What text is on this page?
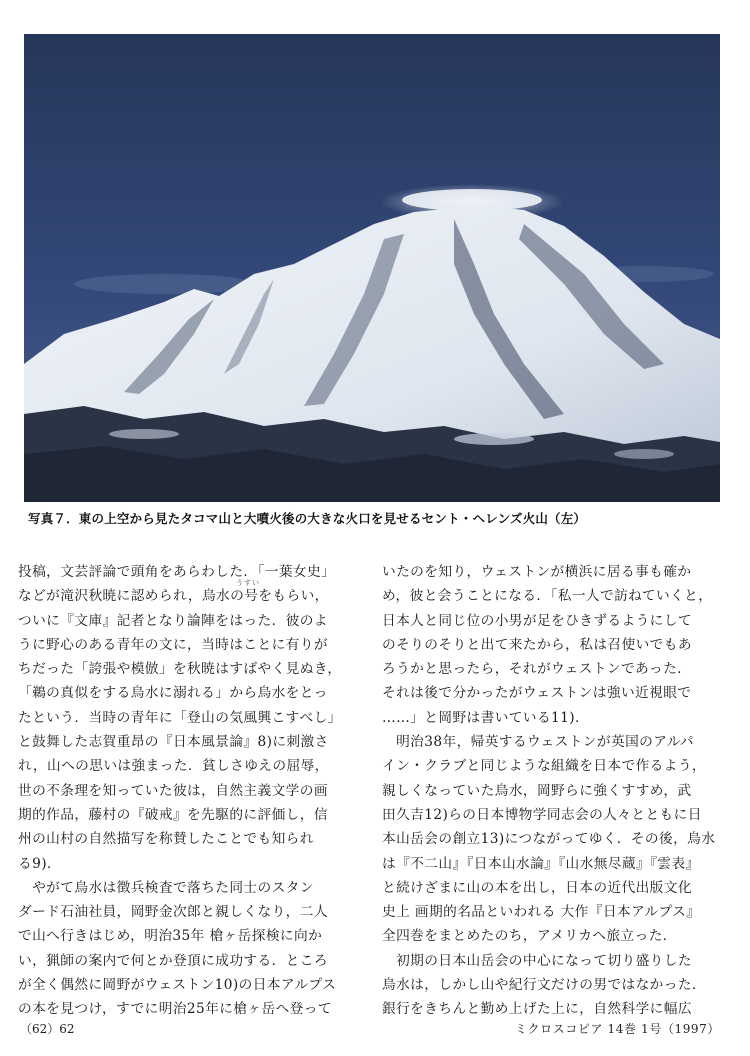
写真７．東の上空から見たタコマ山と大噴火後の大きな火口を見せるセント・ヘレンズ火山（左）
投稿，文芸評論で頭角をあらわした．「一葉女史」
などが滝沢秋暁に認められ，烏水の号をもらい，
ついに『文庫』記者となり論陣をはった．彼のよ
うに野心のある青年の文に，当時はことに有りが
ちだった「誇張や模倣」を秋暁はすばやく見ぬき，
「鵜の真似をする烏水に溺れる」から烏水をとっ
たという．当時の青年に「登山の気風興こすべし」
と鼓舞した志賀重昂の『日本風景論』8)に刺激さ
れ，山への思いは強まった．貧しさゆえの屈辱，
世の不条理を知っていた彼は，自然主義文学の画
期的作品，藤村の『破戒』を先駆的に評価し，信
州の山村の自然描写を称賛したことでも知られ
る9)．
　やがて烏水は徴兵検査で落ちた同士のスタン
ダード石油社員，岡野金次郎と親しくなり，二人
で山へ行きはじめ，明治35年 槍ヶ岳探検に向か
い，猟師の案内で何とか登頂に成功する．ところ
が全く偶然に岡野がウェストン10)の日本アルプス
の本を見つけ，すでに明治25年に槍ヶ岳へ登って
うすい
いたのを知り，ウェストンが横浜に居る事も確か
め，彼と会うことになる．「私一人で訪ねていくと，
日本人と同じ位の小男が足をひきずるようにして
のそりのそりと出て来たから，私は召使いでもあ
ろうかと思ったら，それがウェストンであった．
それは後で分かったがウェストンは強い近視眼で
……」と岡野は書いている11)．
　明治38年，帰英するウェストンが英国のアルパ
イン・クラブと同じような組織を日本で作るよう，
親しくなっていた烏水，岡野らに強くすすめ，武
田久吉12)らの日本博物学同志会の人々とともに日
本山岳会の創立13)につながってゆく．その後，烏水
は『不二山』『日本山水論』『山水無尽蔵』『雲表』
と続けざまに山の本を出し，日本の近代出版文化
史上 画期的名品といわれる 大作『日本アルプス』
全四巻をまとめたのち，アメリカへ旅立った．
　初期の日本山岳会の中心になって切り盛りした
烏水は，しかし山や紀行文だけの男ではなかった．
銀行をきちんと勤め上げた上に，自然科学に幅広
（62）62	ミクロスコピア 14巻 1号（1997）
